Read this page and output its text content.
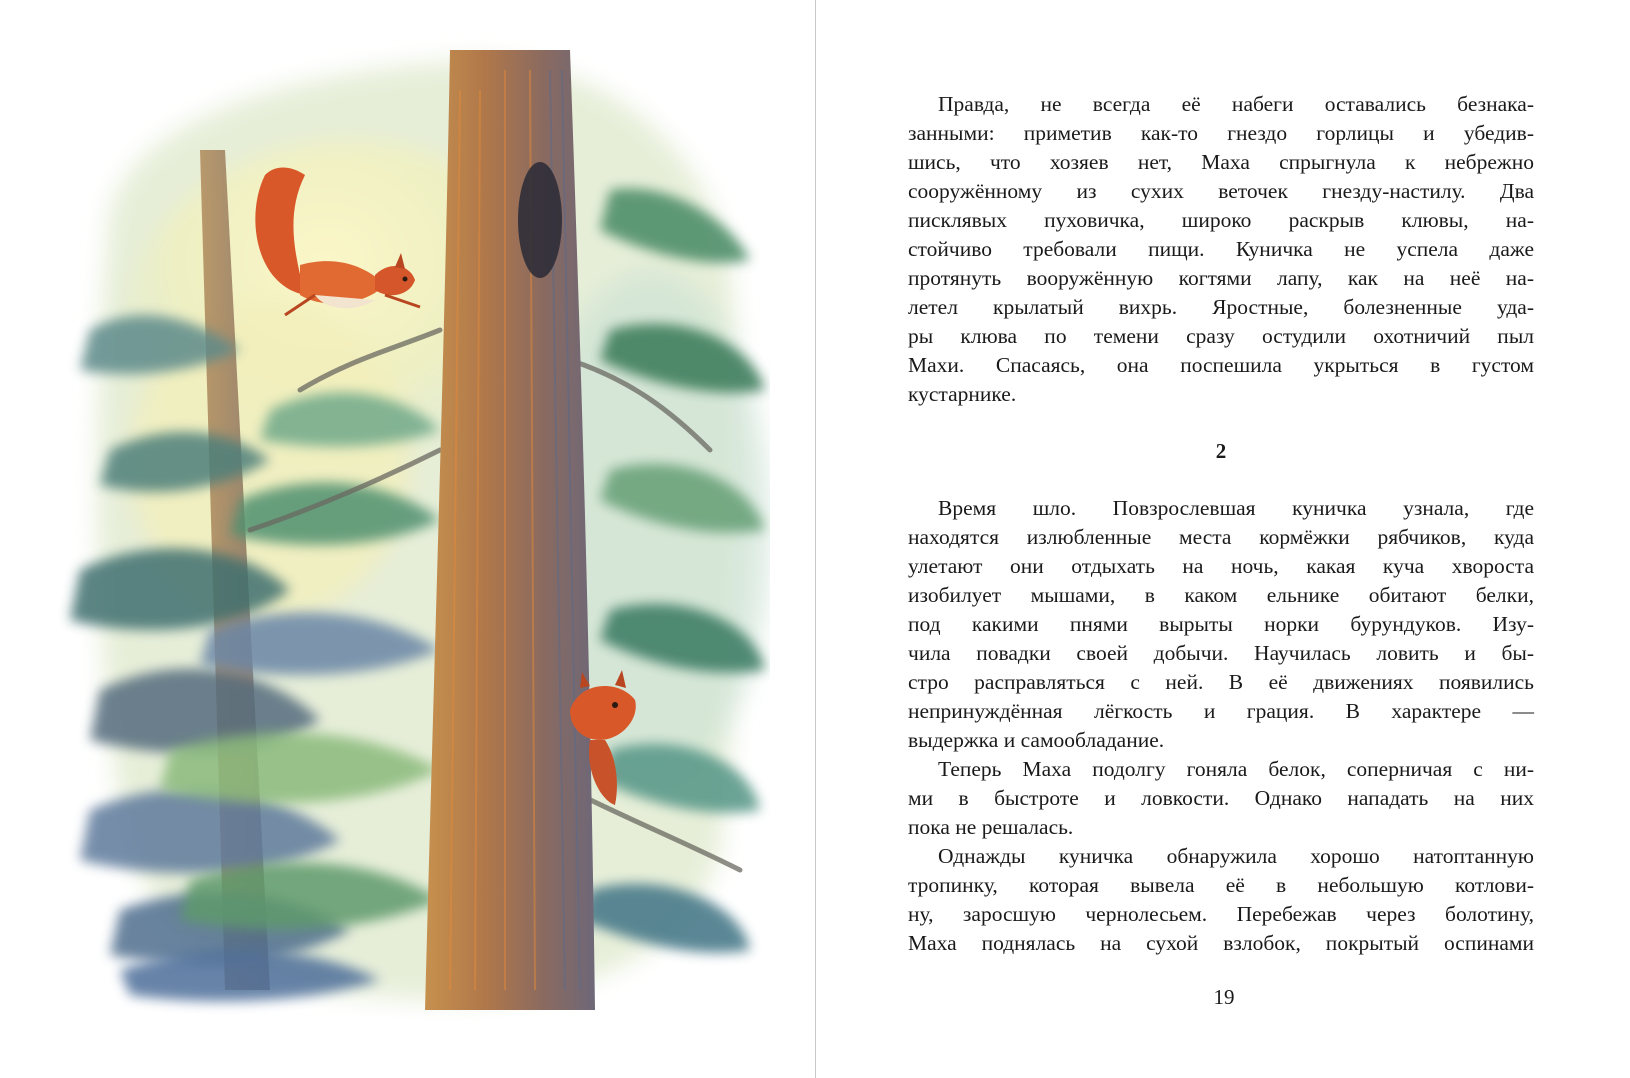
Правда, не всегда её набеги оставались безнака-
занными: приметив как-то гнездо горлицы и убедив-
шись, что хозяев нет, Маха спрыгнула к небрежно
сооружённому из сухих веточек гнезду-настилу. Два
писклявых пуховичка, широко раскрыв клювы, на-
стойчиво требовали пищи. Куничка не успела даже
протянуть вооружённую когтями лапу, как на неё на-
летел крылатый вихрь. Яростные, болезненные уда-
ры клюва по темени сразу остудили охотничий пыл
Махи. Спасаясь, она поспешила укрыться в густом
кустарнике.
2
Время шло. Повзрослевшая куничка узнала, где
находятся излюбленные места кормёжки рябчиков, куда
улетают они отдыхать на ночь, какая куча хвороста
изобилует мышами, в каком ельнике обитают белки,
под какими пнями вырыты норки бурундуков. Изу-
чила повадки своей добычи. Научилась ловить и бы-
стро расправляться с ней. В её движениях появились
непринуждённая лёгкость и грация. В характере —
выдержка и самообладание.
Теперь Маха подолгу гоняла белок, соперничая с ни-
ми в быстроте и ловкости. Однако нападать на них
пока не решалась.
Однажды куничка обнаружила хорошо натоптанную
тропинку, которая вывела её в небольшую котлови-
ну, заросшую чернолесьем. Перебежав через болотину,
Маха поднялась на сухой взлобок, покрытый оспинами
19
